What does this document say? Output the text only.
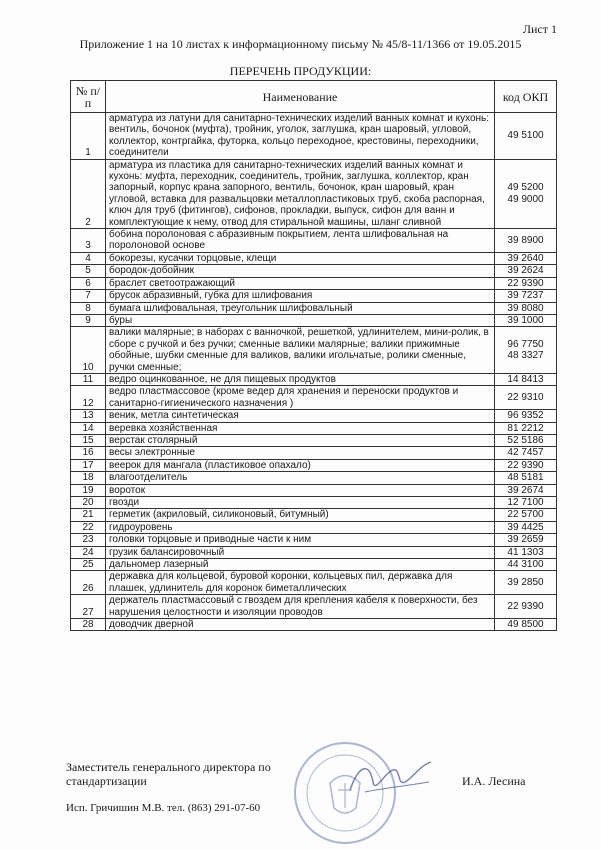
Лист 1
Приложение 1 на 10 листах к информационному письму № 45/8-11/1366 от 19.05.2015
ПЕРЕЧЕНЬ ПРОДУКЦИИ:
№ п/п	Наименование	код ОКП
1	арматура из латуни для санитарно-технических изделий ванных комнат и кухонь: вентиль, бочонок (муфта), тройник, уголок, заглушка, кран шаровый, угловой, коллектор, контргайка, футорка, кольцо переходное, крестовины, переходники, соединители	49 5100
2	арматура из пластика для санитарно-технических изделий ванных комнат и кухонь: муфта, переходник, соединитель, тройник, заглушка, коллектор, кран запорный, корпус крана запорного, вентиль, бочонок, кран шаровый, кран угловой, вставка для развальцовки металлопластиковых труб, скоба распорная, ключ для труб (фитингов), сифонов, прокладки, выпуск, сифон для ванн и комплектующие к нему, отвод для стиральной машины, шланг сливной	49 5200
49 9000
3	бобина поролоновая с абразивным покрытием, лента шлифовальная на поролоновой основе	39 8900
4	бокорезы, кусачки торцовые, клещи	39 2640
5	бородок-добойник	39 2624
6	браслет светоотражающий	22 9390
7	брусок абразивный, губка для шлифования	39 7237
8	бумага шлифовальная, треугольник шлифовальный	39 8080
9	буры	39 1000
10	валики малярные; в наборах с ванночкой, решеткой, удлинителем, мини-ролик, в сборе с ручкой и без ручки; сменные валики малярные; валики прижимные обойные, шубки сменные для валиков, валики игольчатые, ролики сменные, ручки сменные;	96 7750
48 3327
11	ведро оцинкованное, не для пищевых продуктов	14 8413
12	ведро пластмассовое (кроме ведер для хранения и переноски продуктов и санитарно-гигиенического назначения )	22 9310
13	веник, метла синтетическая	96 9352
14	веревка хозяйственная	81 2212
15	верстак столярный	52 5186
16	весы электронные	42 7457
17	веерок для мангала (пластиковое опахало)	22 9390
18	влагоотделитель	48 5181
19	вороток	39 2674
20	гвозди	12 7100
21	герметик (акриловый, силиконовый, битумный)	22 5700
22	гидроуровень	39 4425
23	головки торцовые и приводные части к ним	39 2659
24	грузик балансировочный	41 1303
25	дальномер лазерный	44 3100
26	державка для кольцевой, буровой коронки, кольцевых пил, державка для плашек, удлинитель для коронок биметаллических	39 2850
27	держатель пластмассовый с гвоздем для крепления кабеля к поверхности, без нарушения целостности и изоляции проводов	22 9390
28	доводчик дверной	49 8500
Заместитель генерального директора по стандартизации	И.А. Лесина
Исп. Гричишин М.В. тел. (863) 291-07-60
